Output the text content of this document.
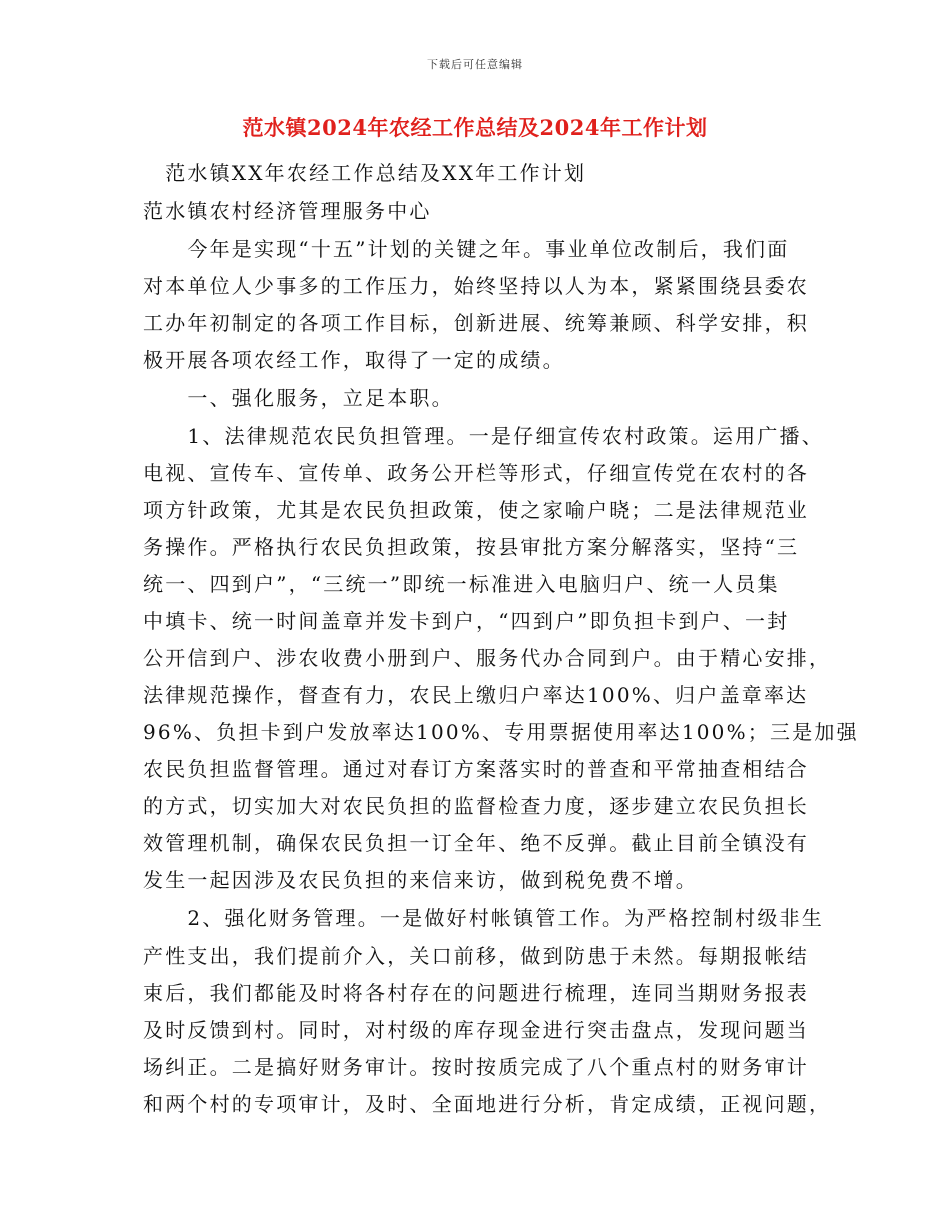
下载后可任意编辑
范水镇2024年农经工作总结及2024年工作计划
　范水镇XX年农经工作总结及XX年工作计划
范水镇农村经济管理服务中心
　　今年是实现“十五”计划的关键之年。事业单位改制后，我们面
对本单位人少事多的工作压力，始终坚持以人为本，紧紧围绕县委农
工办年初制定的各项工作目标，创新进展、统筹兼顾、科学安排，积
极开展各项农经工作，取得了一定的成绩。
　　一、强化服务，立足本职。
　　1、法律规范农民负担管理。一是仔细宣传农村政策。运用广播、
电视、宣传车、宣传单、政务公开栏等形式，仔细宣传党在农村的各
项方针政策，尤其是农民负担政策，使之家喻户晓；二是法律规范业
务操作。严格执行农民负担政策，按县审批方案分解落实，坚持“三
统一、四到户”，“三统一”即统一标准进入电脑归户、统一人员集
中填卡、统一时间盖章并发卡到户，“四到户”即负担卡到户、一封
公开信到户、涉农收费小册到户、服务代办合同到户。由于精心安排，
法律规范操作，督查有力，农民上缴归户率达100%、归户盖章率达
96%、负担卡到户发放率达100%、专用票据使用率达100%；三是加强
农民负担监督管理。通过对春订方案落实时的普查和平常抽查相结合
的方式，切实加大对农民负担的监督检查力度，逐步建立农民负担长
效管理机制，确保农民负担一订全年、绝不反弹。截止目前全镇没有
发生一起因涉及农民负担的来信来访，做到税免费不增。
　　2、强化财务管理。一是做好村帐镇管工作。为严格控制村级非生
产性支出，我们提前介入，关口前移，做到防患于未然。每期报帐结
束后，我们都能及时将各村存在的问题进行梳理，连同当期财务报表
及时反馈到村。同时，对村级的库存现金进行突击盘点，发现问题当
场纠正。二是搞好财务审计。按时按质完成了八个重点村的财务审计
和两个村的专项审计，及时、全面地进行分析，肯定成绩，正视问题，
